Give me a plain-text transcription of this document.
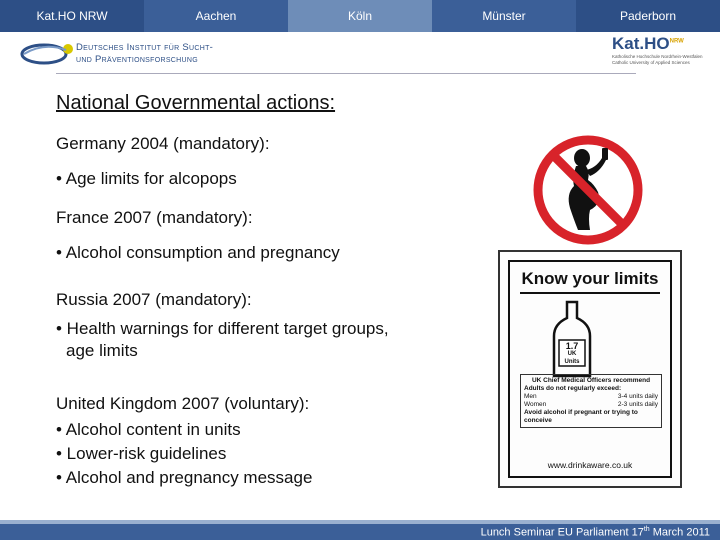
Kat.HO NRW	Aachen	Köln	Münster	Paderborn
Deutsches Institut für Sucht-
und Präventionsforschung
$Kat.HO^{NRW}$
Katholische Hochschule Nordrhein-Westfalen
Catholic University of Applied Sciences
National Governmental actions:
Germany 2004 (mandatory):
• Age limits for alcopops
France 2007 (mandatory):
• Alcohol consumption and pregnancy
Russia 2007 (mandatory):
• Health warnings for different target groups,
age limits
United Kingdom 2007 (voluntary):
• Alcohol content in units
• Lower-risk guidelines
• Alcohol and pregnancy message
Know your limits
1.7
UK
Units
UK Chief Medical Officers recommend
Adults do not regularly exceed:
Men	3-4 units daily
Women	2-3 units daily
Avoid alcohol if pregnant or trying to conceive
www.drinkaware.co.uk
Lunch Seminar EU Parliament 17th March 2011
